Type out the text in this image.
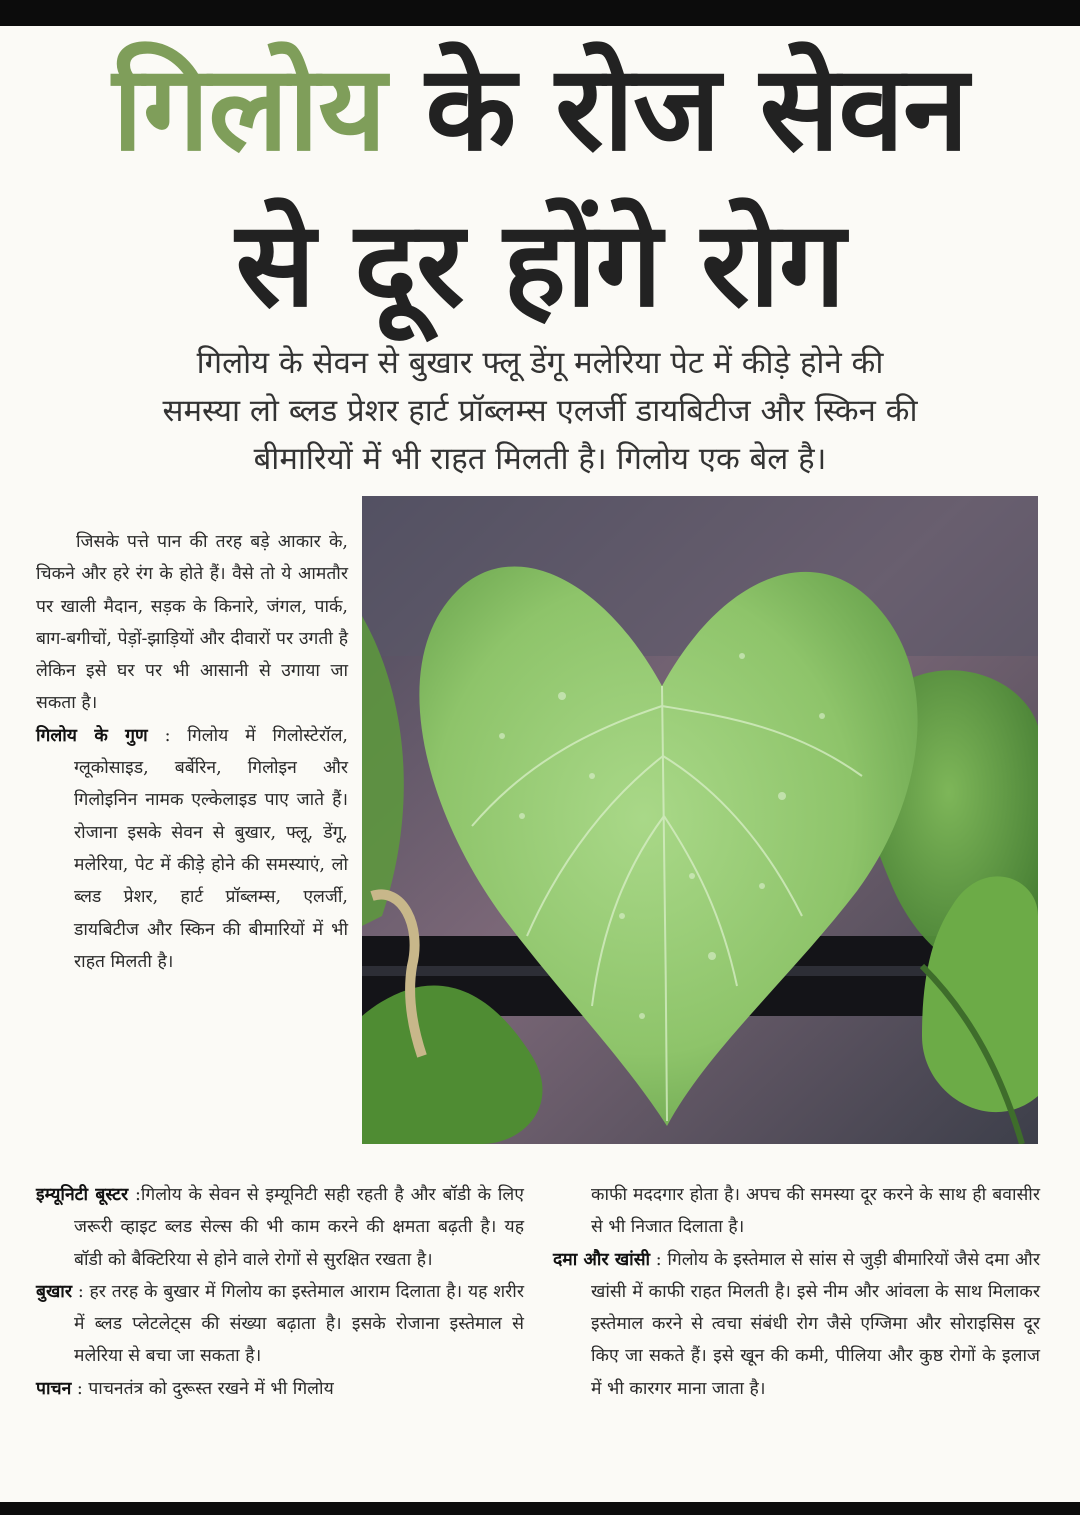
गिलोय के रोज सेवन
से दूर होंगे रोग
गिलोय के सेवन से बुखार फ्लू डेंगू मलेरिया पेट में कीड़े होने की
समस्या लो ब्लड प्रेशर हार्ट प्रॉब्लम्स एलर्जी डायबिटीज और स्किन की
बीमारियों में भी राहत मिलती है। गिलोय एक बेल है।

जिसके पत्ते पान की तरह बड़े आकार के, चिकने और हरे रंग के होते हैं। वैसे तो ये आमतौर पर खाली मैदान, सड़क के किनारे, जंगल, पार्क, बाग-बगीचों, पेड़ों-झाड़ियों और दीवारों पर उगती है लेकिन इसे घर पर भी आसानी से उगाया जा सकता है।

गिलोय के गुण : गिलोय में गिलोस्टेरॉल, ग्लूकोसाइड, बर्बेरिन, गिलोइन और गिलोइनिन नामक एल्केलाइड पाए जाते हैं। रोजाना इसके सेवन से बुखार, फ्लू, डेंगू, मलेरिया, पेट में कीड़े होने की समस्याएं, लो ब्लड प्रेशर, हार्ट प्रॉब्लम्स, एलर्जी, डायबिटीज और स्किन की बीमारियों में भी राहत मिलती है।

इम्यूनिटी बूस्टर :गिलोय के सेवन से इम्यूनिटी सही रहती है और बॉडी के लिए जरूरी व्हाइट ब्लड सेल्स की भी काम करने की क्षमता बढ़ती है। यह बॉडी को बैक्टिरिया से होने वाले रोगों से सुरक्षित रखता है।

बुखार : हर तरह के बुखार में गिलोय का इस्तेमाल आराम दिलाता है। यह शरीर में ब्लड प्लेटलेट्स की संख्या बढ़ाता है। इसके रोजाना इस्तेमाल से मलेरिया से बचा जा सकता है।

पाचन : पाचनतंत्र को दुरूस्त रखने में भी गिलोय

काफी मददगार होता है। अपच की समस्या दूर करने के साथ ही बवासीर से भी निजात दिलाता है।

दमा और खांसी : गिलोय के इस्तेमाल से सांस से जुड़ी बीमारियों जैसे दमा और खांसी में काफी राहत मिलती है। इसे नीम और आंवला के साथ मिलाकर इस्तेमाल करने से त्वचा संबंधी रोग जैसे एग्जिमा और सोराइसिस दूर किए जा सकते हैं। इसे खून की कमी, पीलिया और कुष्ठ रोगों के इलाज में भी कारगर माना जाता है।
